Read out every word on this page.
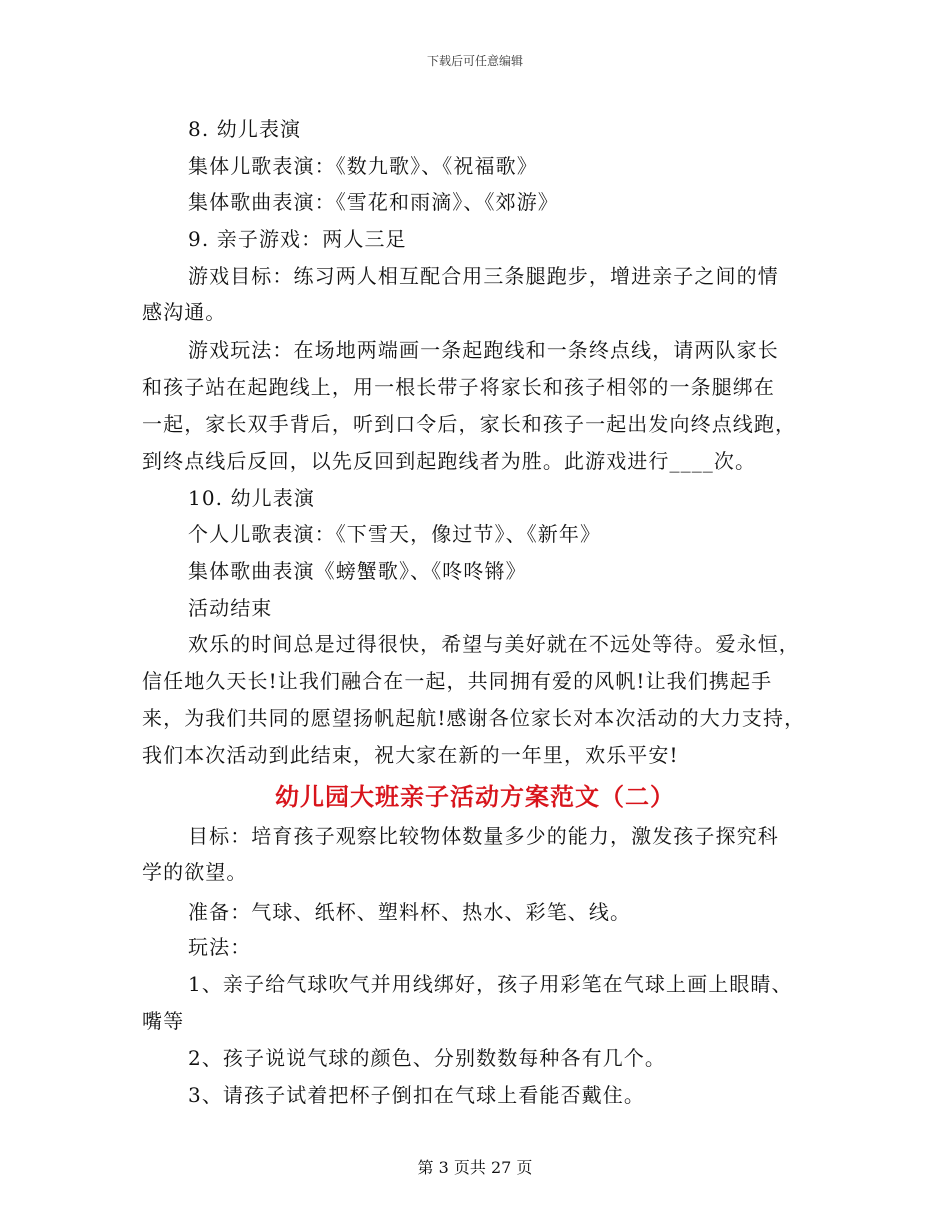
下载后可任意编辑
8. 幼儿表演
集体儿歌表演：《数九歌》、《祝福歌》
集体歌曲表演：《雪花和雨滴》、《郊游》
9. 亲子游戏：两人三足
游戏目标：练习两人相互配合用三条腿跑步，增进亲子之间的情
感沟通。
游戏玩法：在场地两端画一条起跑线和一条终点线，请两队家长
和孩子站在起跑线上，用一根长带子将家长和孩子相邻的一条腿绑在
一起，家长双手背后，听到口令后，家长和孩子一起出发向终点线跑，
到终点线后反回，以先反回到起跑线者为胜。此游戏进行____次。
10. 幼儿表演
个人儿歌表演：《下雪天，像过节》、《新年》
集体歌曲表演《螃蟹歌》、《咚咚锵》
活动结束
欢乐的时间总是过得很快，希望与美好就在不远处等待。爱永恒，
信任地久天长!让我们融合在一起，共同拥有爱的风帆!让我们携起手
来，为我们共同的愿望扬帆起航!感谢各位家长对本次活动的大力支持，
我们本次活动到此结束，祝大家在新的一年里，欢乐平安!
幼儿园大班亲子活动方案范文（二）
目标：培育孩子观察比较物体数量多少的能力，激发孩子探究科
学的欲望。
准备：气球、纸杯、塑料杯、热水、彩笔、线。
玩法：
1、亲子给气球吹气并用线绑好，孩子用彩笔在气球上画上眼睛、
嘴等
2、孩子说说气球的颜色、分别数数每种各有几个。
3、请孩子试着把杯子倒扣在气球上看能否戴住。
第 3 页共 27 页
